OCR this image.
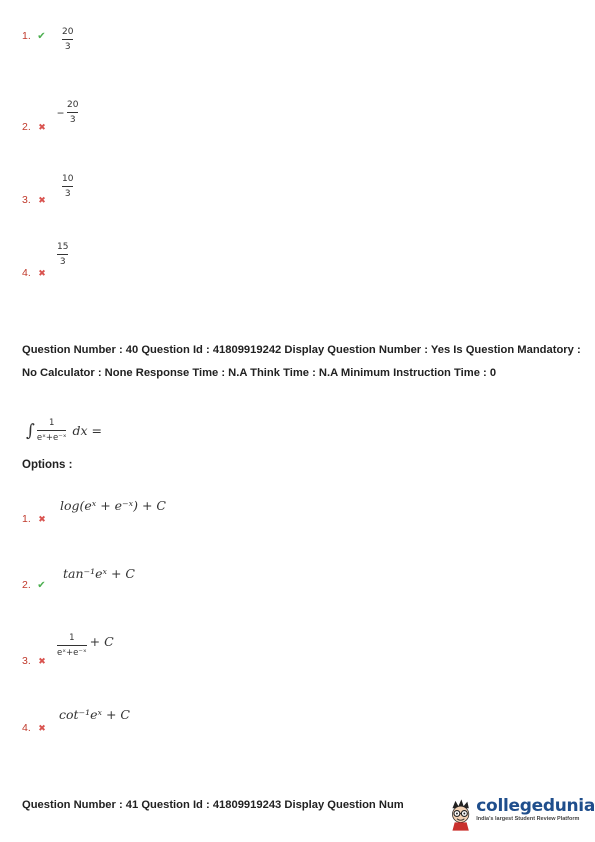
1. ✔ 20
3
2. ✖
− $\frac{20}{3}$
3. ✖
10
3
4. ✖
15
3
Question Number : 40 Question Id : 41809919242 Display Question Number : Yes Is Question Mandatory : No Calculator : None Response Time : N.A Think Time : N.A Minimum Instruction Time : 0
∫ $\frac{1}{\text{eˣ+e⁻ˣ}}$ dx =
Options :
1. ✖
log(eˣ + e⁻ˣ) + C
2. ✔
tan⁻¹eˣ + C
3. ✖
$\frac{1}{\text{eˣ+e⁻ˣ}} + C$
4. ✖
cot⁻¹eˣ + C
Question Number : 41 Question Id : 41809919243 Display Question Num	collegedunia
India's largest Student Review Platform
